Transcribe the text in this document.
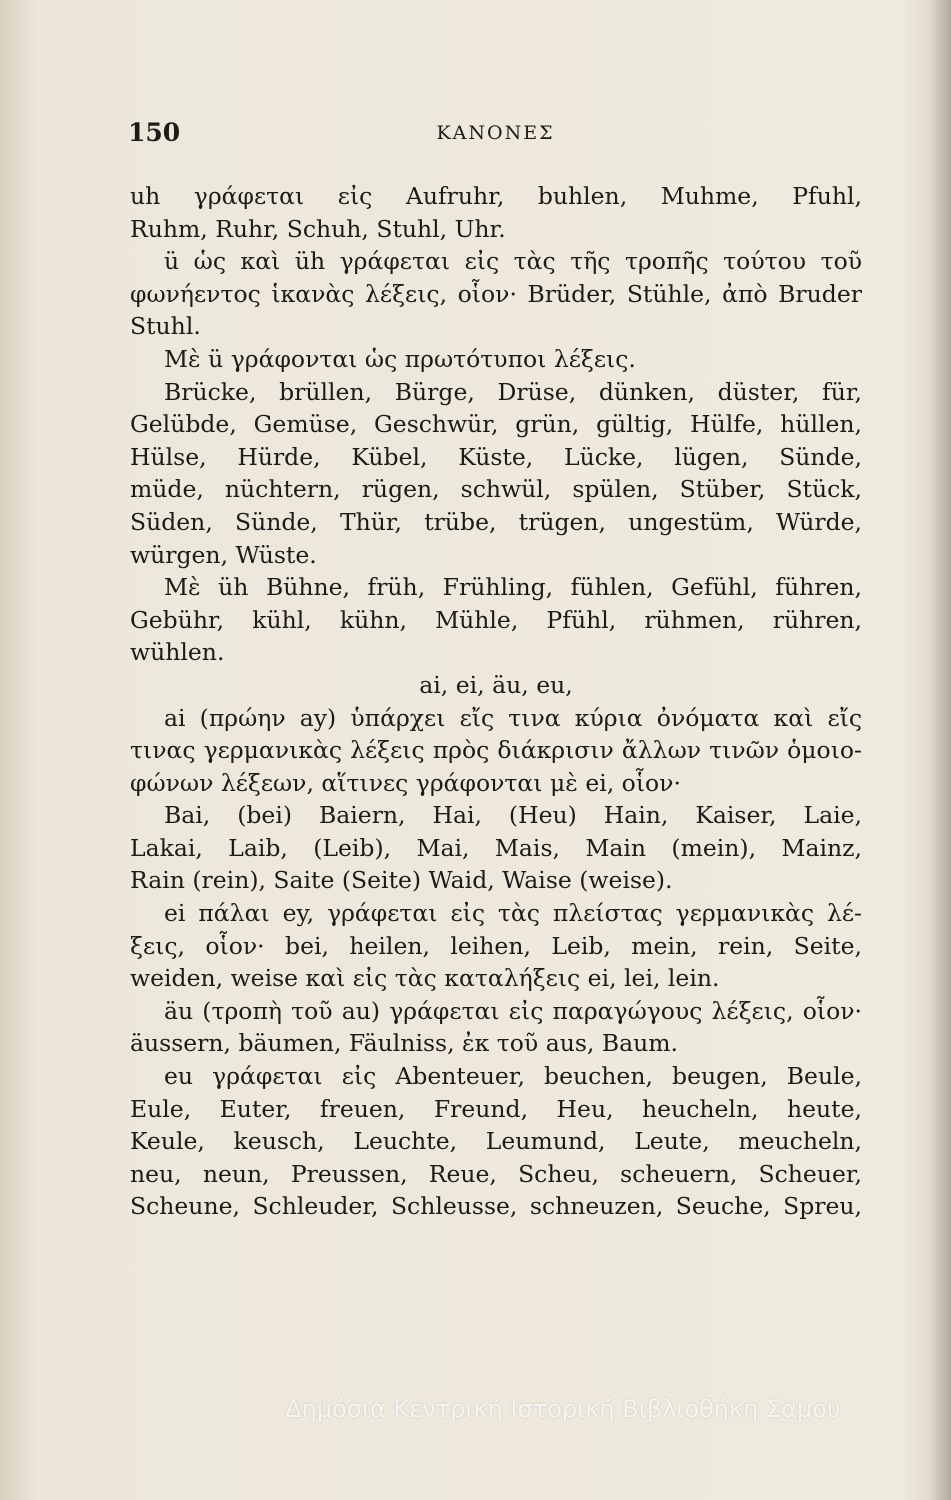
150	ΚΑΝΟΝΕΣ
uh γράφεται εἰς Aufruhr, buhlen, Muhme, Pfuhl,
Ruhm, Ruhr, Schuh, Stuhl, Uhr.
ü ὡς καὶ üh γράφεται εἰς τὰς τῆς τροπῆς τούτου τοῦ
φωνήεντος ἱκανὰς λέξεις, οἷον· Brüder, Stühle, ἀπὸ Bruder
Stuhl.
Μὲ ü γράφονται ὡς πρωτότυποι λέξεις.
Brücke, brüllen, Bürge, Drüse, dünken, düster, für,
Gelübde, Gemüse, Geschwür, grün, gültig, Hülfe, hüllen,
Hülse, Hürde, Kübel, Küste, Lücke, lügen, Sünde,
müde, nüchtern, rügen, schwül, spülen, Stüber, Stück,
Süden, Sünde, Thür, trübe, trügen, ungestüm, Würde,
würgen, Wüste.
Μὲ üh Bühne, früh, Frühling, fühlen, Gefühl, führen,
Gebühr, kühl, kühn, Mühle, Pfühl, rühmen, rühren,
wühlen.
ai, ei, äu, eu,
ai (πρώην ay) ὑπάρχει εἴς τινα κύρια ὀνόματα καὶ εἴς
τινας γερμανικὰς λέξεις πρὸς διάκρισιν ἄλλων τινῶν ὁμοιο-
φώνων λέξεων, αἵτινες γράφονται μὲ ei, οἷον·
Bai, (bei) Baiern, Hai, (Heu) Hain, Kaiser, Laie,
Lakai, Laib, (Leib), Mai, Mais, Main (mein), Mainz,
Rain (rein), Saite (Seite) Waid, Waise (weise).
ei πάλαι ey, γράφεται εἰς τὰς πλείστας γερμανικὰς λέ-
ξεις, οἷον· bei, heilen, leihen, Leib, mein, rein, Seite,
weiden, weise καὶ εἰς τὰς καταλήξεις ei, lei, lein.
äu (τροπὴ τοῦ au) γράφεται εἰς παραγώγους λέξεις, οἷον·
äussern, bäumen, Fäulniss, ἐκ τοῦ aus, Baum.
eu γράφεται εἰς Abenteuer, beuchen, beugen, Beule,
Eule, Euter, freuen, Freund, Heu, heucheln, heute,
Keule, keusch, Leuchte, Leumund, Leute, meucheln,
neu, neun, Preussen, Reue, Scheu, scheuern, Scheuer,
Scheune, Schleuder, Schleusse, schneuzen, Seuche, Spreu,
Δημόσια Κεντρική Ιστορική Βιβλιοθήκη Σάμου
